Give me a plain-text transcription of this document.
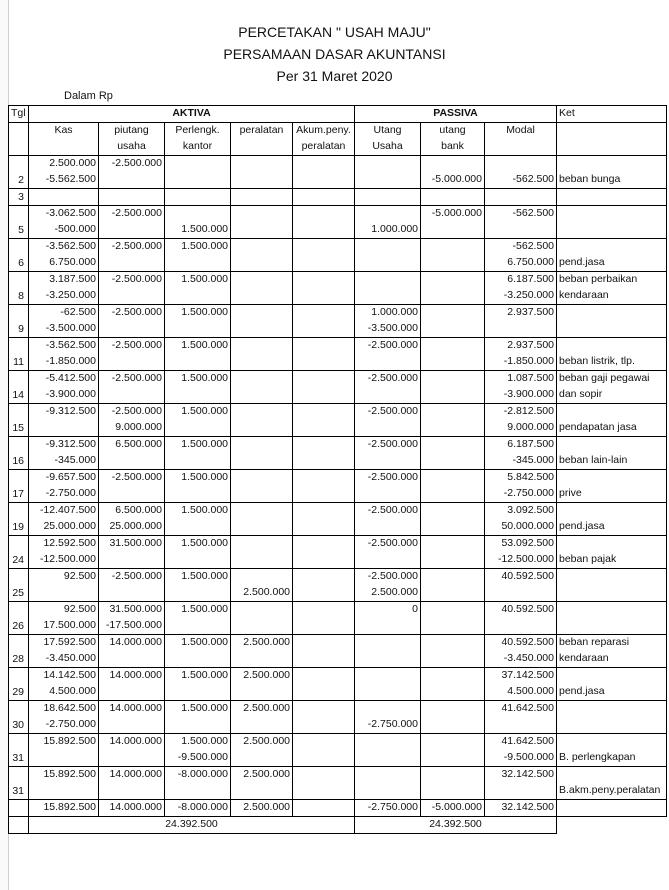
PERCETAKAN " USAH MAJU"
PERSAMAAN DASAR AKUNTANSI
Per 31 Maret 2020
Dalam Rp
Tgl	AKTIVA					PASSIVA			Ket
	Kas	piutang	Perlengk.	peralatan	Akum.peny.	Utang	utang	Modal	
		usaha	kantor		peralatan	Usaha	bank		
	2.500.000	-2.500.000							
2	-5.562.500						-5.000.000	-562.500	beban bunga
3									
	-3.062.500	-2.500.000					-5.000.000	-562.500	
5	-500.000		1.500.000			1.000.000			
	-3.562.500	-2.500.000	1.500.000					-562.500	
6	6.750.000							6.750.000	pend.jasa
	3.187.500	-2.500.000	1.500.000					6.187.500	beban perbaikan
8	-3.250.000							-3.250.000	kendaraan
	-62.500	-2.500.000	1.500.000			1.000.000		2.937.500	
9	-3.500.000					-3.500.000			
	-3.562.500	-2.500.000	1.500.000			-2.500.000		2.937.500	
11	-1.850.000							-1.850.000	beban listrik, tlp.
	-5.412.500	-2.500.000	1.500.000			-2.500.000		1.087.500	beban gaji pegawai
14	-3.900.000							-3.900.000	dan sopir
	-9.312.500	-2.500.000	1.500.000			-2.500.000		-2.812.500	
15		9.000.000						9.000.000	pendapatan jasa
	-9.312.500	6.500.000	1.500.000			-2.500.000		6.187.500	
16	-345.000							-345.000	beban lain-lain
	-9.657.500	-2.500.000	1.500.000			-2.500.000		5.842.500	
17	-2.750.000							-2.750.000	prive
	-12.407.500	6.500.000	1.500.000			-2.500.000		3.092.500	
19	25.000.000	25.000.000						50.000.000	pend.jasa
	12.592.500	31.500.000	1.500.000			-2.500.000		53.092.500	
24	-12.500.000							-12.500.000	beban pajak
	92.500	-2.500.000	1.500.000			-2.500.000		40.592.500	
25				2.500.000		2.500.000			
	92.500	31.500.000	1.500.000			0		40.592.500	
26	17.500.000	-17.500.000							
	17.592.500	14.000.000	1.500.000	2.500.000				40.592.500	beban reparasi
28	-3.450.000							-3.450.000	kendaraan
	14.142.500	14.000.000	1.500.000	2.500.000				37.142.500	
29	4.500.000							4.500.000	pend.jasa
	18.642.500	14.000.000	1.500.000	2.500.000				41.642.500	
30	-2.750.000					-2.750.000			
	15.892.500	14.000.000	1.500.000	2.500.000				41.642.500	
31			-9.500.000					-9.500.000	B. perlengkapan
	15.892.500	14.000.000	-8.000.000	2.500.000				32.142.500	
31									B.akm.peny.peralatan
	15.892.500	14.000.000	-8.000.000	2.500.000		-2.750.000	-5.000.000	32.142.500	
	24.392.500					24.392.500			
